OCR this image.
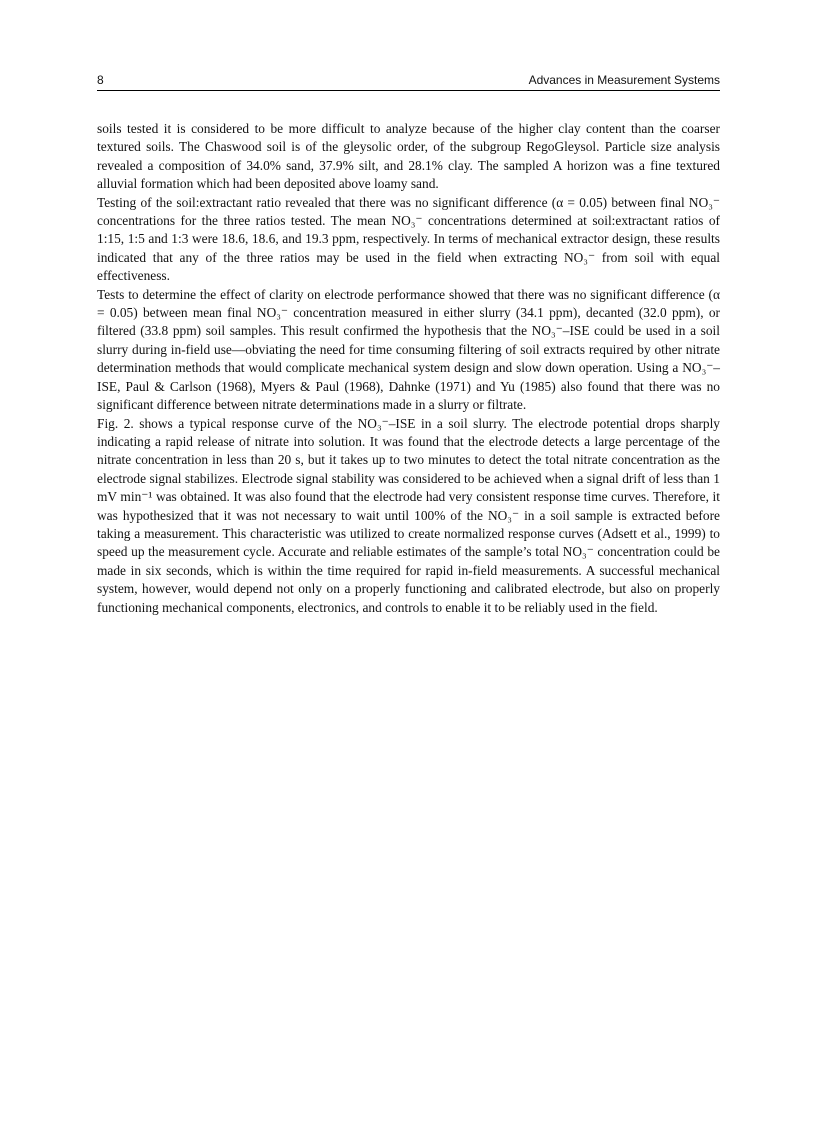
8	Advances in Measurement Systems

soils tested it is considered to be more difficult to analyze because of the higher clay content than the coarser textured soils. The Chaswood soil is of the gleysolic order, of the subgroup RegoGleysol. Particle size analysis revealed a composition of 34.0% sand, 37.9% silt, and 28.1% clay. The sampled A horizon was a fine textured alluvial formation which had been deposited above loamy sand.

Testing of the soil:extractant ratio revealed that there was no significant difference (α = 0.05) between final NO₃⁻ concentrations for the three ratios tested. The mean NO₃⁻ concentrations determined at soil:extractant ratios of 1:15, 1:5 and 1:3 were 18.6, 18.6, and 19.3 ppm, respectively. In terms of mechanical extractor design, these results indicated that any of the three ratios may be used in the field when extracting NO₃⁻ from soil with equal effectiveness.

Tests to determine the effect of clarity on electrode performance showed that there was no significant difference (α = 0.05) between mean final NO₃⁻ concentration measured in either slurry (34.1 ppm), decanted (32.0 ppm), or filtered (33.8 ppm) soil samples. This result confirmed the hypothesis that the NO₃⁻–ISE could be used in a soil slurry during in-field use—obviating the need for time consuming filtering of soil extracts required by other nitrate determination methods that would complicate mechanical system design and slow down operation. Using a NO₃⁻–ISE, Paul & Carlson (1968), Myers & Paul (1968), Dahnke (1971) and Yu (1985) also found that there was no significant difference between nitrate determinations made in a slurry or filtrate.

Fig. 2. shows a typical response curve of the NO₃⁻–ISE in a soil slurry. The electrode potential drops sharply indicating a rapid release of nitrate into solution. It was found that the electrode detects a large percentage of the nitrate concentration in less than 20 s, but it takes up to two minutes to detect the total nitrate concentration as the electrode signal stabilizes. Electrode signal stability was considered to be achieved when a signal drift of less than 1 mV min⁻¹ was obtained. It was also found that the electrode had very consistent response time curves. Therefore, it was hypothesized that it was not necessary to wait until 100% of the NO₃⁻ in a soil sample is extracted before taking a measurement. This characteristic was utilized to create normalized response curves (Adsett et al., 1999) to speed up the measurement cycle. Accurate and reliable estimates of the sample’s total NO₃⁻ concentration could be made in six seconds, which is within the time required for rapid in-field measurements. A successful mechanical system, however, would depend not only on a properly functioning and calibrated electrode, but also on properly functioning mechanical components, electronics, and controls to enable it to be reliably used in the field.
